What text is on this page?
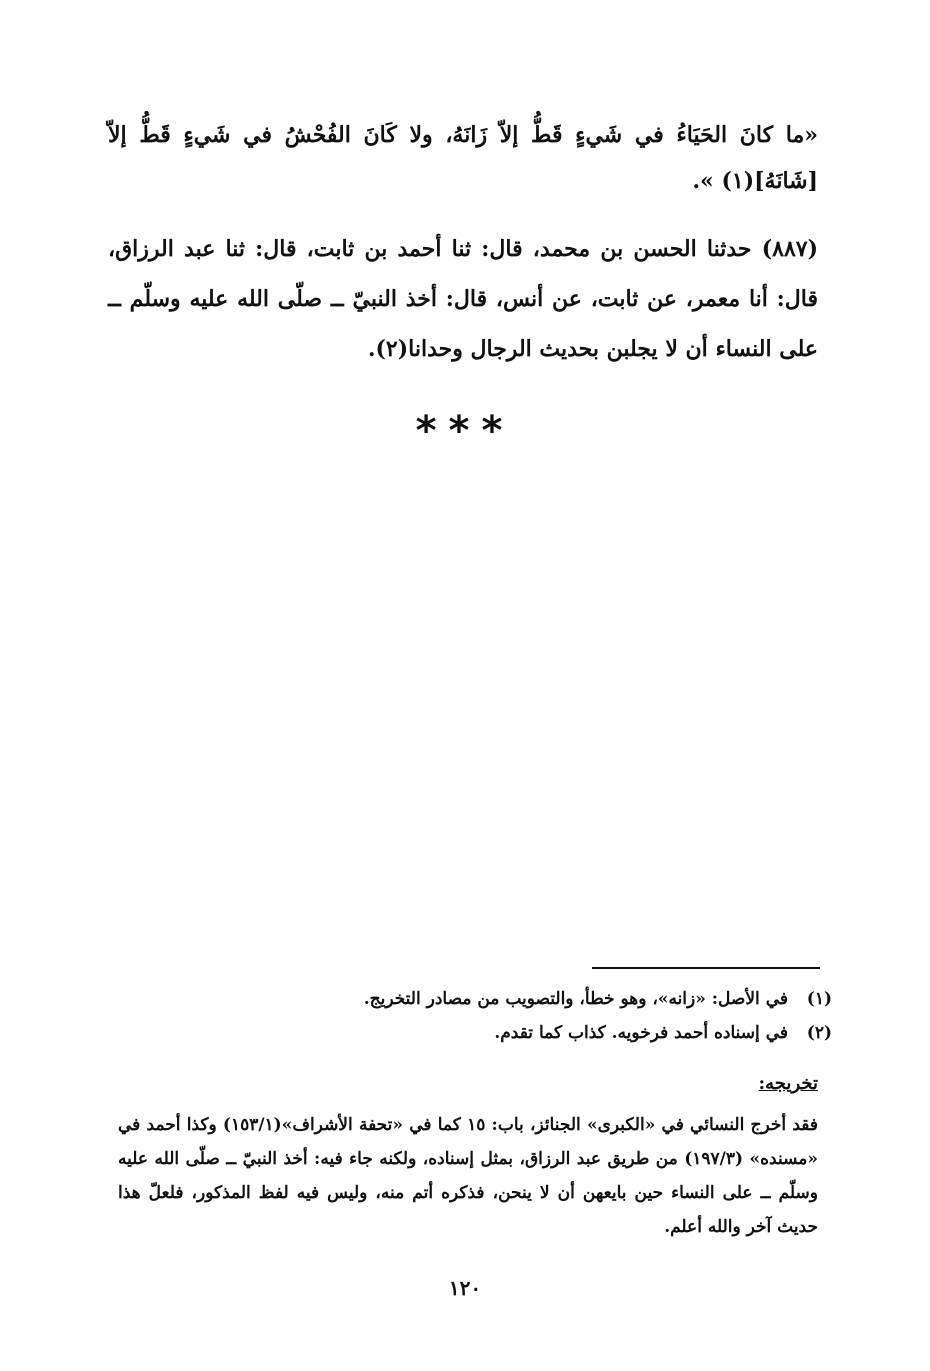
«ما كانَ الحَيَاءُ في شَيءٍ قَطُّ إلاّ زَانَهُ، ولا كَانَ الفُحْشُ في شَيءٍ قَطُّ إلاّ [شَانَهُ](١) ».

(٨٨٧) حدثنا الحسن بن محمد، قال: ثنا أحمد بن ثابت، قال: ثنا عبد الرزاق، قال: أنا معمر، عن ثابت، عن أنس، قال: أخذ النبيّ ــ صلّى الله عليه وسلّم ــ على النساء أن لا يجلبن بحديث الرجال وحدانا(٢).

***
(١)في الأصل: «زانه»، وهو خطأ، والتصويب من مصادر التخريج.
(٢)في إسناده أحمد فرخويه. كذاب كما تقدم.
تخريجه:

فقد أخرج النسائي في «الكبرى» الجنائز، باب: ١٥ كما في «تحفة الأشراف»(١٥٣/١) وكذا أحمد في «مسنده» (١٩٧/٣) من طريق عبد الرزاق، بمثل إسناده، ولكنه جاء فيه: أخذ النبيّ ــ صلّى الله عليه وسلّم ــ على النساء حين بايعهن أن لا ينحن، فذكره أتم منه، وليس فيه لفظ المذكور، فلعلّ هذا حديث آخر والله أعلم.

١٢٠
